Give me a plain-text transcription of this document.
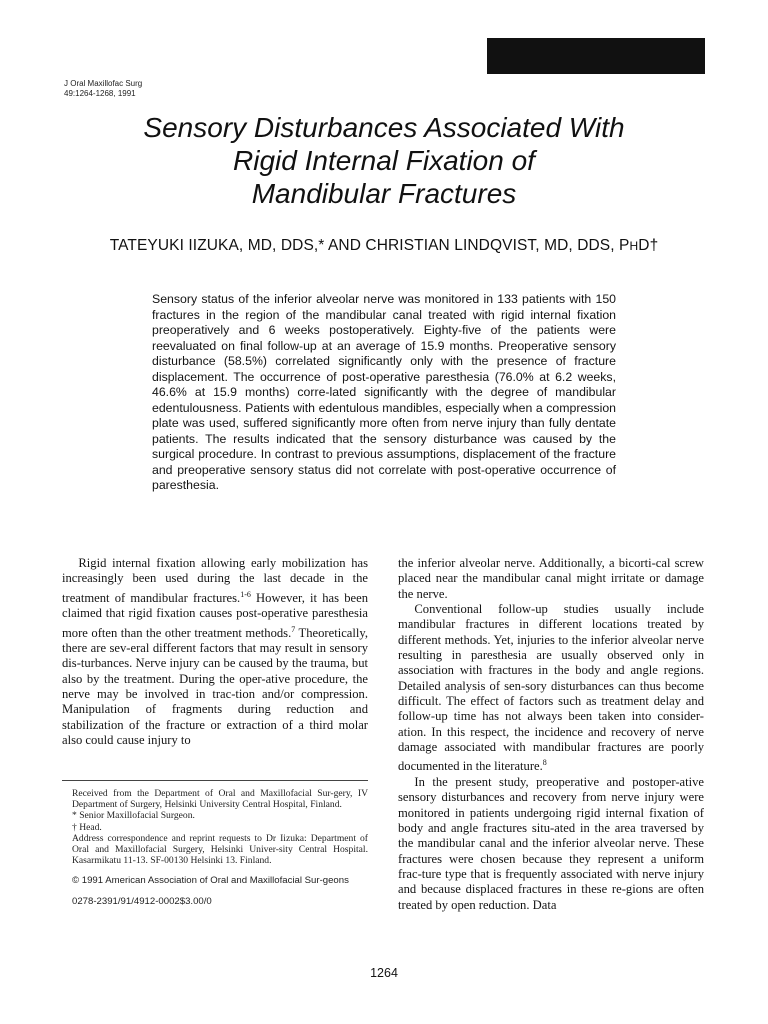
J Oral Maxillofac Surg
49:1264-1268, 1991
Sensory Disturbances Associated With
Rigid Internal Fixation of
Mandibular Fractures

TATEYUKI IIZUKA, MD, DDS,* AND CHRISTIAN LINDQVIST, MD, DDS, PHD†

Sensory status of the inferior alveolar nerve was monitored in 133 patients with 150 fractures in the region of the mandibular canal treated with rigid internal fixation preoperatively and 6 weeks postoperatively. Eighty-five of the patients were reevaluated on final follow-up at an average of 15.9 months. Preoperative sensory disturbance (58.5%) correlated significantly only with the presence of fracture displacement. The occurrence of post-operative paresthesia (76.0% at 6.2 weeks, 46.6% at 15.9 months) corre-lated significantly with the degree of mandibular edentulousness. Patients with edentulous mandibles, especially when a compression plate was used, suffered significantly more often from nerve injury than fully dentate patients. The results indicated that the sensory disturbance was caused by the surgical procedure. In contrast to previous assumptions, displacement of the fracture and preoperative sensory status did not correlate with post-operative occurrence of paresthesia.

Rigid internal fixation allowing early mobilization has increasingly been used during the last decade in the treatment of mandibular fractures.$^{1-6}$ However, it has been claimed that rigid fixation causes post-operative paresthesia more often than the other treatment methods.$^7$ Theoretically, there are sev-eral different factors that may result in sensory dis-turbances. Nerve injury can be caused by the trauma, but also by the treatment. During the oper-ative procedure, the nerve may be involved in trac-tion and/or compression. Manipulation of fragments during reduction and stabilization of the fracture or extraction of a third molar also could cause injury to

the inferior alveolar nerve. Additionally, a bicorti-cal screw placed near the mandibular canal might irritate or damage the nerve.

Conventional follow-up studies usually include mandibular fractures in different locations treated by different methods. Yet, injuries to the inferior alveolar nerve resulting in paresthesia are usually observed only in association with fractures in the body and angle regions. Detailed analysis of sen-sory disturbances can thus become difficult. The effect of factors such as treatment delay and follow-up time has not always been taken into consider-ation. In this respect, the incidence and recovery of nerve damage associated with mandibular fractures are poorly documented in the literature.$^8$

In the present study, preoperative and postoper-ative sensory disturbances and recovery from nerve injury were monitored in patients undergoing rigid internal fixation of body and angle fractures situ-ated in the area traversed by the mandibular canal and the inferior alveolar nerve. These fractures were chosen because they represent a uniform frac-ture type that is frequently associated with nerve injury and because displaced fractures in these re-gions are often treated by open reduction. Data

Received from the Department of Oral and Maxillofacial Sur-gery, IV Department of Surgery, Helsinki University Central Hospital, Finland.

* Senior Maxillofacial Surgeon.

† Head.

Address correspondence and reprint requests to Dr Iizuka: Department of Oral and Maxillofacial Surgery, Helsinki Univer-sity Central Hospital. Kasarmikatu 11-13. SF-00130 Helsinki 13. Finland.

© 1991 American Association of Oral and Maxillofacial Sur-geons

0278-2391/91/4912-0002$3.00/0

1264
